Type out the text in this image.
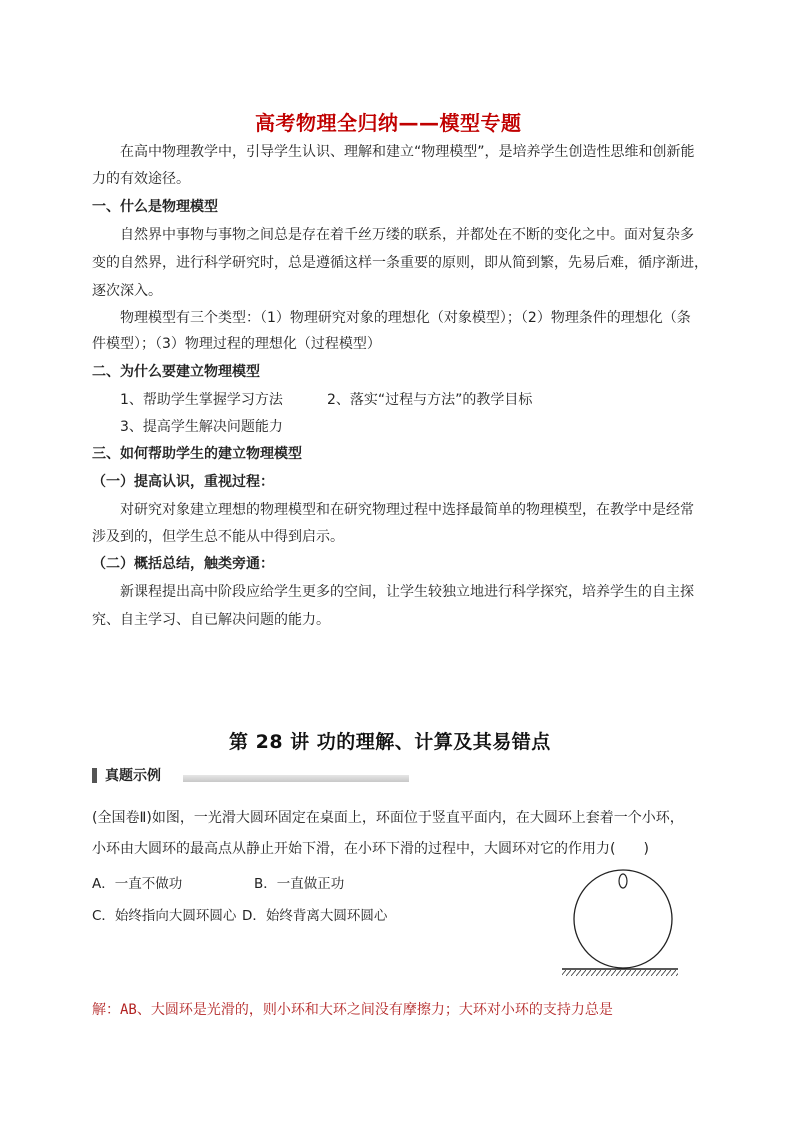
高考物理全归纳——模型专题
在高中物理教学中，引导学生认识、理解和建立“物理模型”，是培养学生创造性思维和创新能
力的有效途径。
一、什么是物理模型
自然界中事物与事物之间总是存在着千丝万缕的联系，并都处在不断的变化之中。面对复杂多
变的自然界，进行科学研究时，总是遵循这样一条重要的原则，即从简到繁，先易后难，循序渐进，
逐次深入。
物理模型有三个类型：（1）物理研究对象的理想化（对象模型）；（2）物理条件的理想化（条
件模型）；（3）物理过程的理想化（过程模型）
二、为什么要建立物理模型
1、帮助学生掌握学习方法	2、落实“过程与方法”的教学目标
3、提高学生解决问题能力
三、如何帮助学生的建立物理模型
（一）提高认识，重视过程：
对研究对象建立理想的物理模型和在研究物理过程中选择最简单的物理模型，在教学中是经常
涉及到的，但学生总不能从中得到启示。
（二）概括总结，触类旁通：
新课程提出高中阶段应给学生更多的空间，让学生较独立地进行科学探究，培养学生的自主探
究、自主学习、自已解决问题的能力。
第 28 讲 功的理解、计算及其易错点
真题示例
(全国卷Ⅱ)如图，一光滑大圆环固定在桌面上，环面位于竖直平面内，在大圆环上套着一个小环，
小环由大圆环的最高点从静止开始下滑，在小环下滑的过程中，大圆环对它的作用力(　　)
A．一直不做功	B．一直做正功
C．始终指向大圆环圆心 D．始终背离大圆环圆心
解：AB、大圆环是光滑的，则小环和大环之间没有摩擦力；大环对小环的支持力总是
